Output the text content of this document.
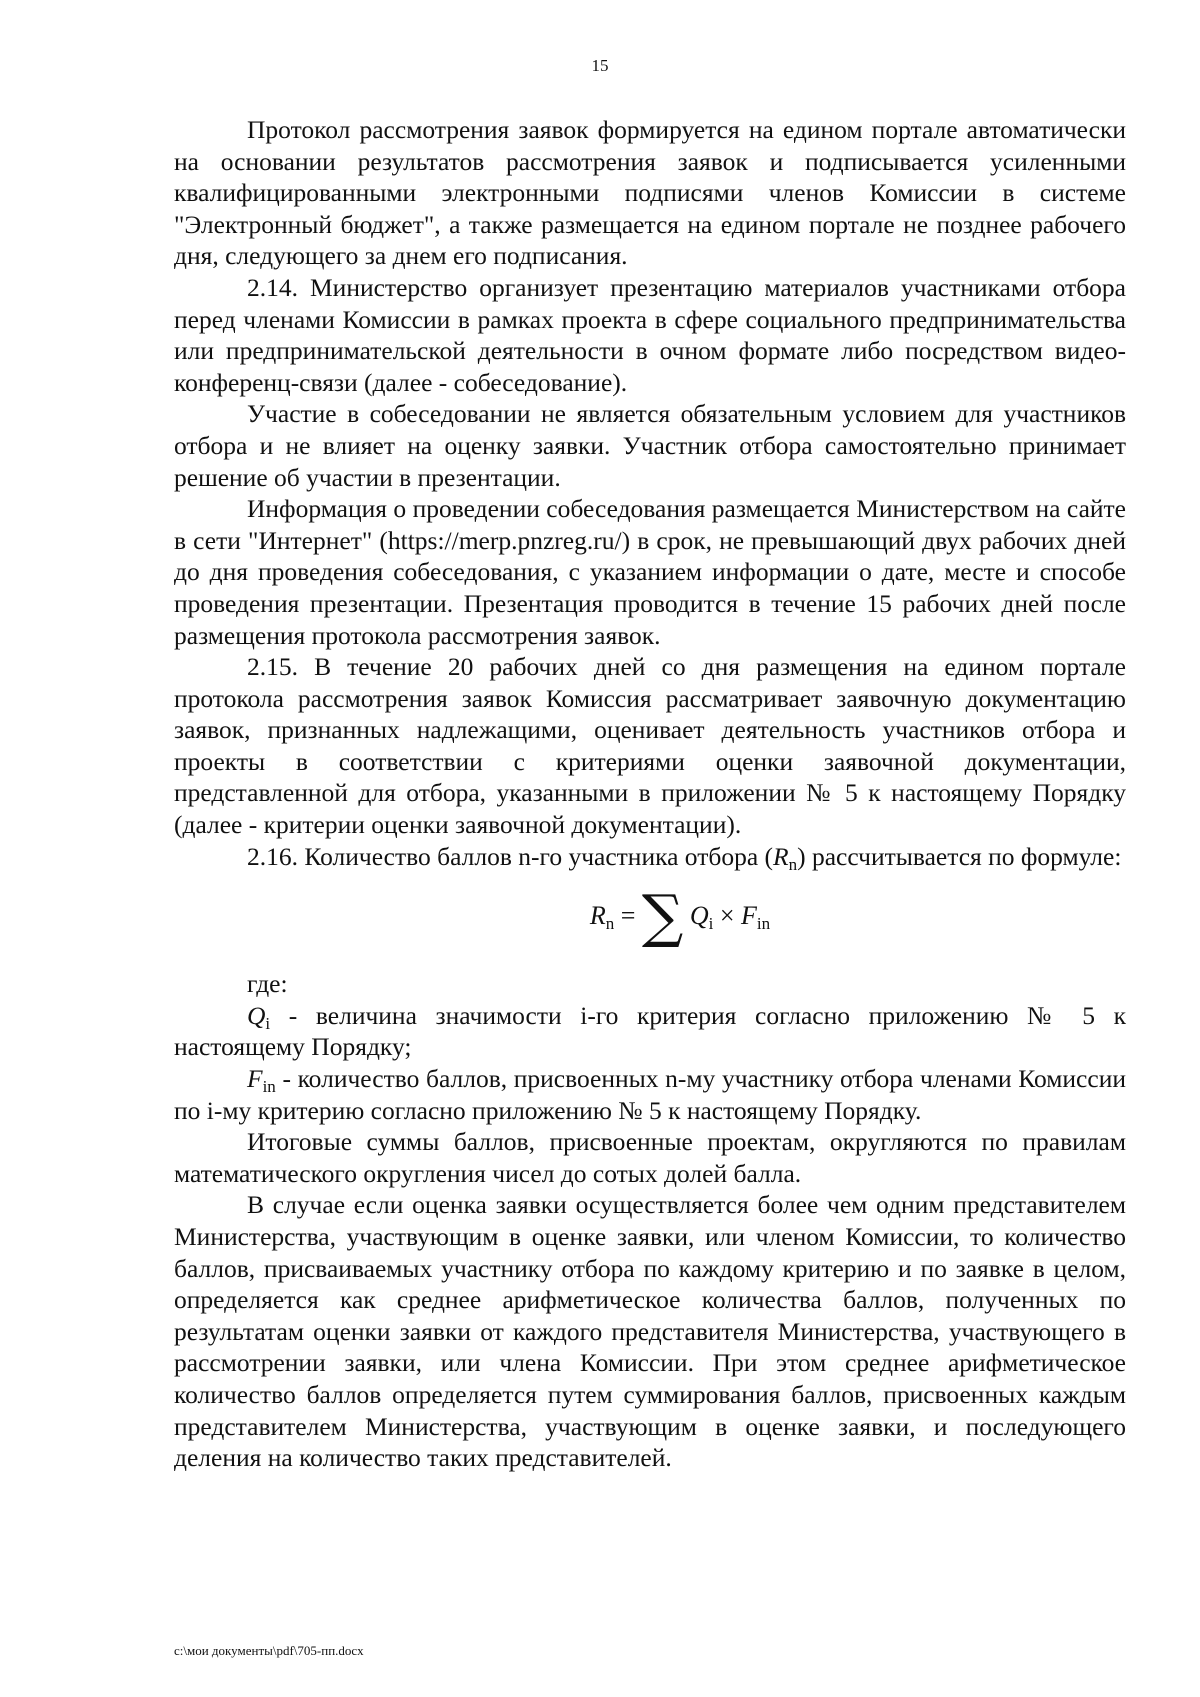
15

Протокол рассмотрения заявок формируется на едином портале автоматически на основании результатов рассмотрения заявок и подписывается усиленными квалифицированными электронными подписями членов Комиссии в системе "Электронный бюджет", а также размещается на едином портале не позднее рабочего дня, следующего за днем его подписания.

2.14. Министерство организует презентацию материалов участниками отбора перед членами Комиссии в рамках проекта в сфере социального предпринимательства или предпринимательской деятельности в очном формате либо посредством видео-конференц-связи (далее - собеседование).

Участие в собеседовании не является обязательным условием для участников отбора и не влияет на оценку заявки. Участник отбора самостоятельно принимает решение об участии в презентации.

Информация о проведении собеседования размещается Министерством на сайте в сети "Интернет" (https://merp.pnzreg.ru/) в срок, не превышающий двух рабочих дней до дня проведения собеседования, с указанием информации о дате, месте и способе проведения презентации. Презентация проводится в течение 15 рабочих дней после размещения протокола рассмотрения заявок.

2.15. В течение 20 рабочих дней со дня размещения на едином портале протокола рассмотрения заявок Комиссия рассматривает заявочную документацию заявок, признанных надлежащими, оценивает деятельность участников отбора и проекты в соответствии с критериями оценки заявочной документации, представленной для отбора, указанными в приложении № 5 к настоящему Порядку (далее - критерии оценки заявочной документации).

2.16. Количество баллов n-го участника отбора $(R_n)$ рассчитывается по формуле:

$R_n$ = ∑ $Q_i \times F_{in}$

где:

$Q_i$ - величина значимости i-го критерия согласно приложению № 5 к настоящему Порядку;

$F_{in}$ - количество баллов, присвоенных n-му участнику отбора членами Комиссии по i-му критерию согласно приложению № 5 к настоящему Порядку.

Итоговые суммы баллов, присвоенные проектам, округляются по правилам математического округления чисел до сотых долей балла.

В случае если оценка заявки осуществляется более чем одним представителем Министерства, участвующим в оценке заявки, или членом Комиссии, то количество баллов, присваиваемых участнику отбора по каждому критерию и по заявке в целом, определяется как среднее арифметическое количества баллов, полученных по результатам оценки заявки от каждого представителя Министерства, участвующего в рассмотрении заявки, или члена Комиссии. При этом среднее арифметическое количество баллов определяется путем суммирования баллов, присвоенных каждым представителем Министерства, участвующим в оценке заявки, и последующего деления на количество таких представителей.

c:\мои документы\pdf\705-пп.docx
